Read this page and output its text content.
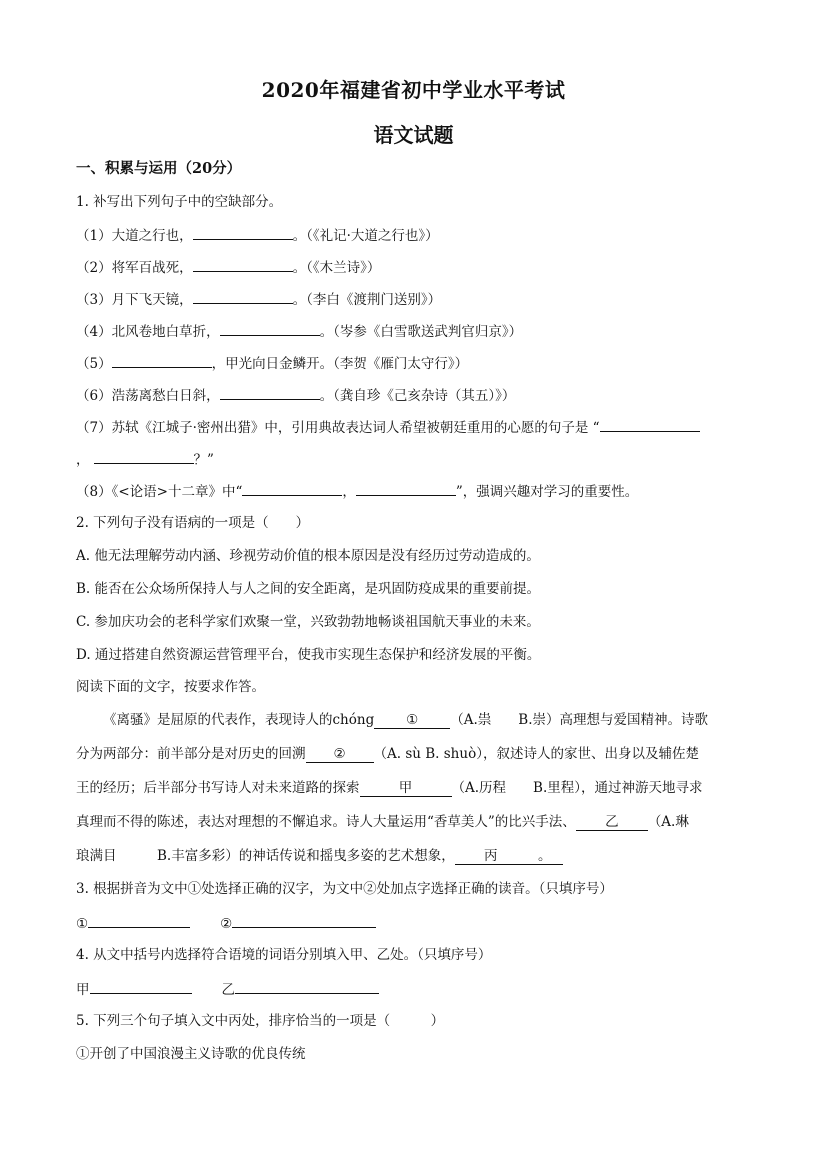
2020年福建省初中学业水平考试
语文试题
一、积累与运用（20分）
1. 补写出下列句子中的空缺部分。
（1）大道之行也，	。（《礼记·大道之行也》）
（2）将军百战死，	。（《木兰诗》）
（3）月下飞天镜，	。（李白《渡荆门送别》）
（4）北风卷地白草折，	。（岑参《白雪歌送武判官归京》）
（5）	，甲光向日金鳞开。（李贺《雁门太守行》）
（6）浩荡离愁白日斜，	。（龚自珍《己亥杂诗（其五）》）
（7）苏轼《江城子·密州出猎》中，引用典故表达词人希望被朝廷重用的心愿的句子是 “
，	？”
（8）《<论语>十二章》中“	，	”，强调兴趣对学习的重要性。
2. 下列句子没有语病的一项是（　　）
A. 他无法理解劳动内涵、珍视劳动价值的根本原因是没有经历过劳动造成的。
B. 能否在公众场所保持人与人之间的安全距离，是巩固防疫成果的重要前提。
C. 参加庆功会的老科学家们欢聚一堂，兴致勃勃地畅谈祖国航天事业的未来。
D. 通过搭建自然资源运营管理平台，使我市实现生态保护和经济发展的平衡。
阅读下面的文字，按要求作答。
《离骚》是屈原的代表作，表现诗人的chóng ① （A.祟　　B.崇）高理想与爱国精神。诗歌
分为两部分：前半部分是对历史的回溯 ② （A. sù B. shuò），叙述诗人的家世、出身以及辅佐楚
王的经历；后半部分书写诗人对未来道路的探索	甲	（A.历程　　B.里程），通过神游天地寻求
真理而不得的陈述，表达对理想的不懈追求。诗人大量运用“香草美人”的比兴手法、 乙 （A.琳
琅满目　　　B.丰富多彩）的神话传说和摇曳多姿的艺术想象， 丙	。
3. 根据拼音为文中①处选择正确的汉字，为文中②处加点字选择正确的读音。（只填序号）
①	②
4. 从文中括号内选择符合语境的词语分别填入甲、乙处。（只填序号）
甲	乙
5. 下列三个句子填入文中丙处，排序恰当的一项是（　　　）
①开创了中国浪漫主义诗歌的优良传统
